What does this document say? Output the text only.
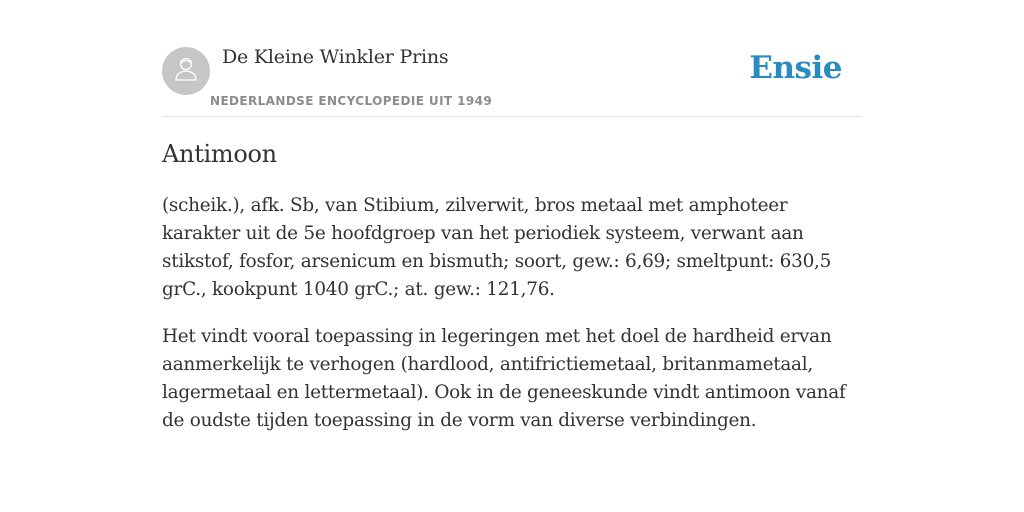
De Kleine Winkler Prins
NEDERLANDSE ENCYCLOPEDIE UIT 1949
Ensie
Antimoon

(scheik.), afk. Sb, van Stibium, zilverwit, bros metaal met amphoteer karakter uit de 5e hoofdgroep van het periodiek systeem, verwant aan stikstof, fosfor, arsenicum en bismuth; soort, gew.: 6,69; smeltpunt: 630,5 grC., kookpunt 1040 grC.; at. gew.: 121,76.

Het vindt vooral toepassing in legeringen met het doel de hardheid ervan aanmerkelijk te verhogen (hardlood, antifrictiemetaal, britanmametaal, lagermetaal en lettermetaal). Ook in de geneeskunde vindt antimoon vanaf de oudste tijden toepassing in de vorm van diverse verbindingen.
